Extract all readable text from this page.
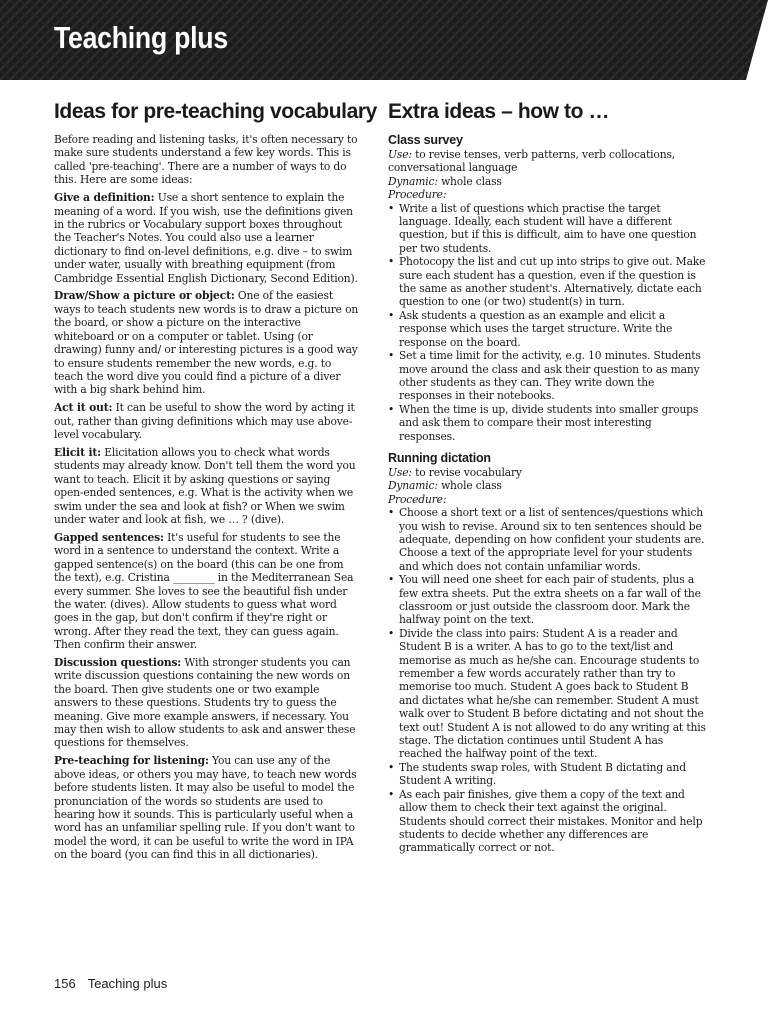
Teaching plus
Ideas for pre-teaching vocabulary

Before reading and listening tasks, it's often necessary to make sure students understand a few key words. This is called 'pre-teaching'. There are a number of ways to do this. Here are some ideas:

Give a definition: Use a short sentence to explain the meaning of a word. If you wish, use the definitions given in the rubrics or Vocabulary support boxes throughout the Teacher's Notes. You could also use a learner dictionary to find on-level definitions, e.g. dive – to swim under water, usually with breathing equipment (from Cambridge Essential English Dictionary, Second Edition).

Draw/Show a picture or object: One of the easiest ways to teach students new words is to draw a picture on the board, or show a picture on the interactive whiteboard or on a computer or tablet. Using (or drawing) funny and/ or interesting pictures is a good way to ensure students remember the new words, e.g. to teach the word dive you could find a picture of a diver with a big shark behind him.

Act it out: It can be useful to show the word by acting it out, rather than giving definitions which may use above-level vocabulary.

Elicit it: Elicitation allows you to check what words students may already know. Don't tell them the word you want to teach. Elicit it by asking questions or saying open-ended sentences, e.g. What is the activity when we swim under the sea and look at fish? or When we swim under water and look at fish, we … ? (dive).

Gapped sentences: It's useful for students to see the word in a sentence to understand the context. Write a gapped sentence(s) on the board (this can be one from the text), e.g. Cristina ________ in the Mediterranean Sea every summer. She loves to see the beautiful fish under the water. (dives). Allow students to guess what word goes in the gap, but don't confirm if they're right or wrong. After they read the text, they can guess again. Then confirm their answer.

Discussion questions: With stronger students you can write discussion questions containing the new words on the board. Then give students one or two example answers to these questions. Students try to guess the meaning. Give more example answers, if necessary. You may then wish to allow students to ask and answer these questions for themselves.

Pre-teaching for listening: You can use any of the above ideas, or others you may have, to teach new words before students listen. It may also be useful to model the pronunciation of the words so students are used to hearing how it sounds. This is particularly useful when a word has an unfamiliar spelling rule. If you don't want to model the word, it can be useful to write the word in IPA on the board (you can find this in all dictionaries).

Extra ideas – how to …
Class survey

Use: to revise tenses, verb patterns, verb collocations, conversational language

Dynamic: whole class

Procedure:

• Write a list of questions which practise the target language. Ideally, each student will have a different question, but if this is difficult, aim to have one question per two students.
• Photocopy the list and cut up into strips to give out. Make sure each student has a question, even if the question is the same as another student's. Alternatively, dictate each question to one (or two) student(s) in turn.
• Ask students a question as an example and elicit a response which uses the target structure. Write the response on the board.
• Set a time limit for the activity, e.g. 10 minutes. Students move around the class and ask their question to as many other students as they can. They write down the responses in their notebooks.
• When the time is up, divide students into smaller groups and ask them to compare their most interesting responses.
Running dictation

Use: to revise vocabulary

Dynamic: whole class

Procedure:

• Choose a short text or a list of sentences/questions which you wish to revise. Around six to ten sentences should be adequate, depending on how confident your students are. Choose a text of the appropriate level for your students and which does not contain unfamiliar words.
• You will need one sheet for each pair of students, plus a few extra sheets. Put the extra sheets on a far wall of the classroom or just outside the classroom door. Mark the halfway point on the text.
• Divide the class into pairs: Student A is a reader and Student B is a writer. A has to go to the text/list and memorise as much as he/she can. Encourage students to remember a few words accurately rather than try to memorise too much. Student A goes back to Student B and dictates what he/she can remember. Student A must walk over to Student B before dictating and not shout the text out! Student A is not allowed to do any writing at this stage. The dictation continues until Student A has reached the halfway point of the text.
• The students swap roles, with Student B dictating and Student A writing.
• As each pair finishes, give them a copy of the text and allow them to check their text against the original. Students should correct their mistakes. Monitor and help students to decide whether any differences are grammatically correct or not.
156 Teaching plus
